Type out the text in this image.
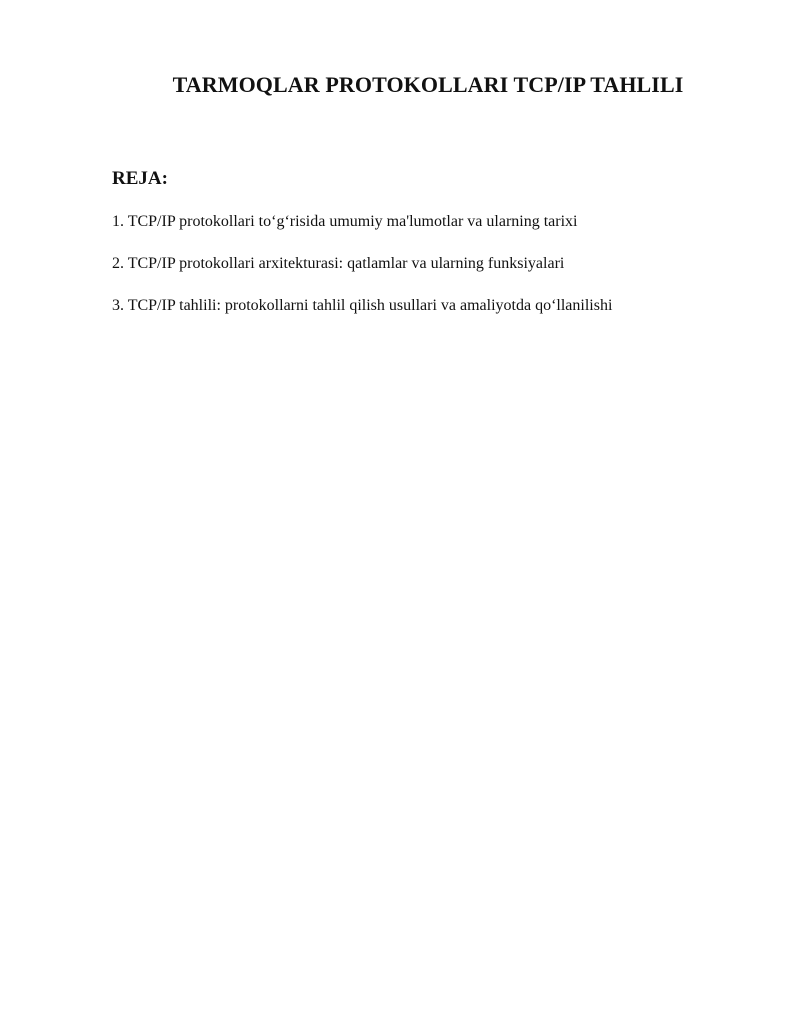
TARMOQLAR PROTOKOLLARI TCP/IP TAHLILI
REJA:
1. TCP/IP protokollari to‘g‘risida umumiy ma'lumotlar va ularning tarixi
2. TCP/IP protokollari arxitekturasi: qatlamlar va ularning funksiyalari
3. TCP/IP tahlili: protokollarni tahlil qilish usullari va amaliyotda qo‘llanilishi
